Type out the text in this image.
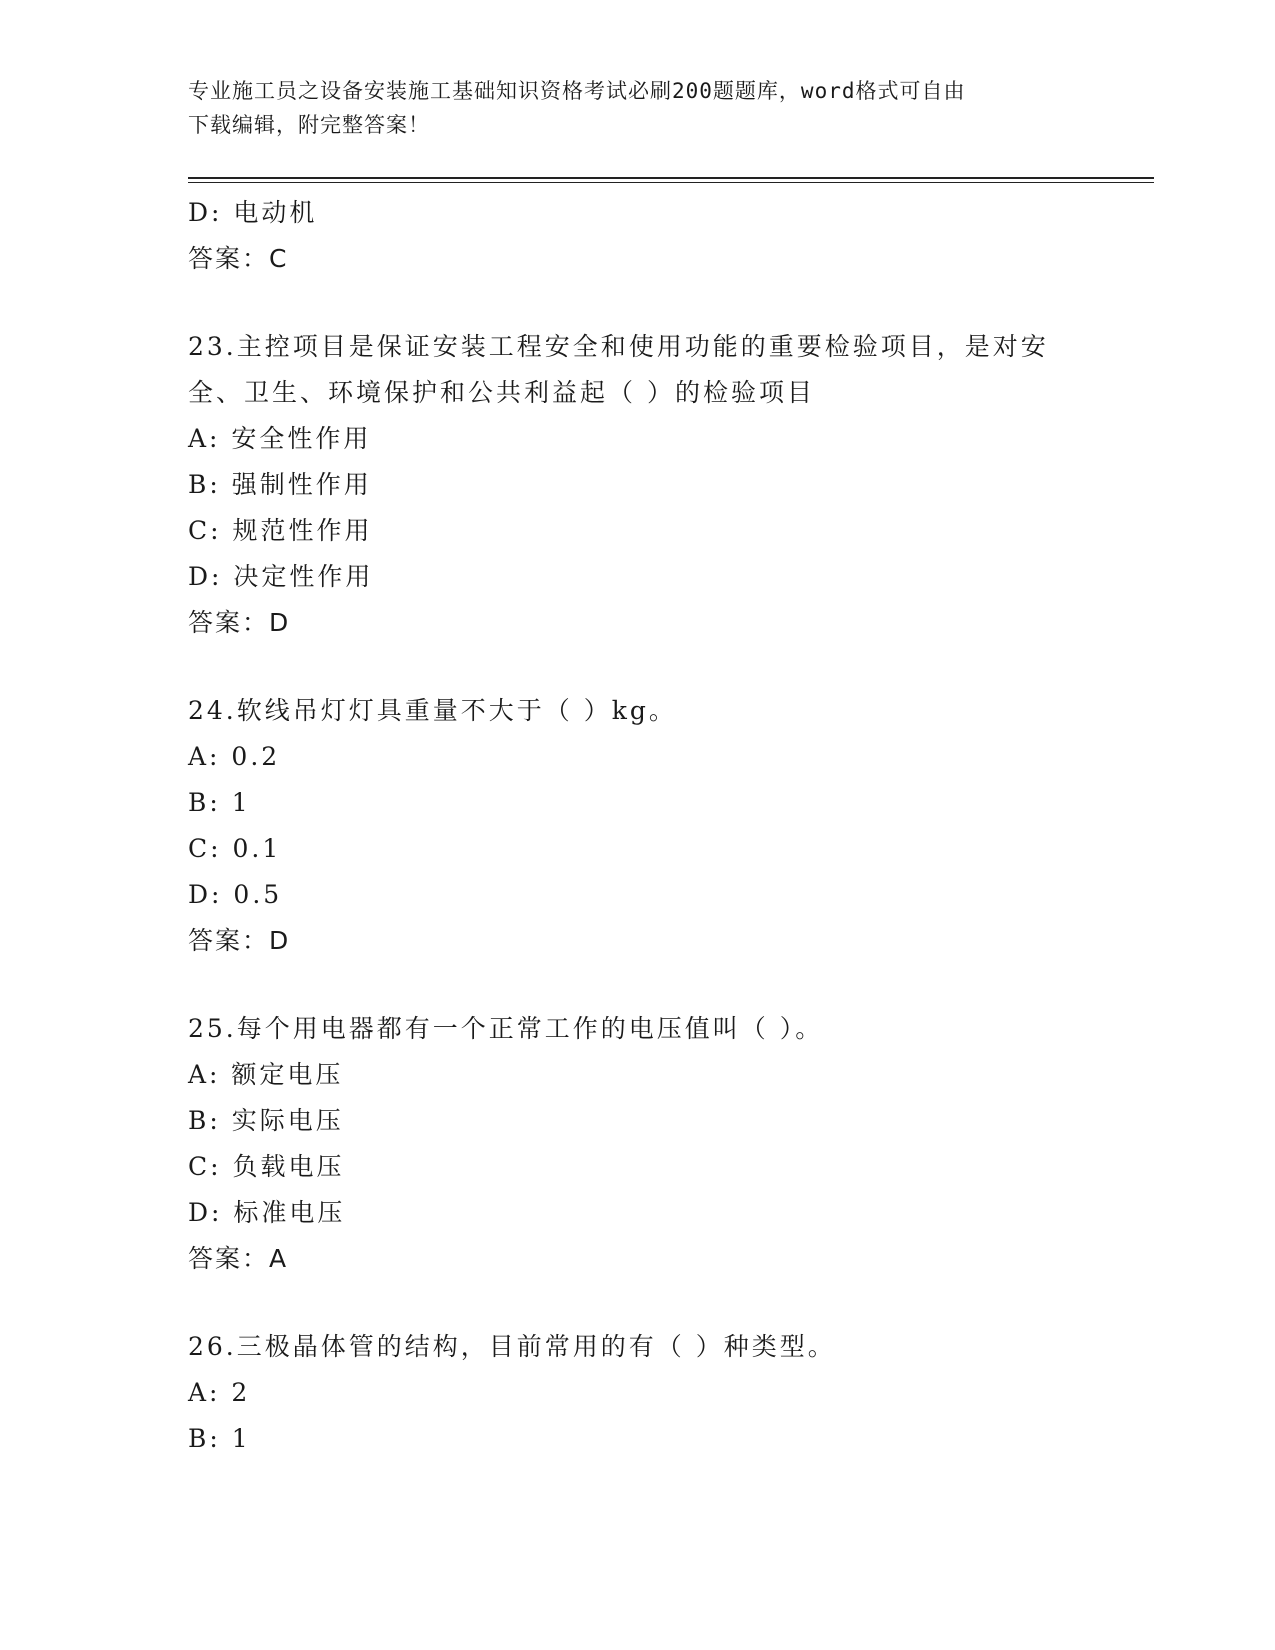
专业施工员之设备安装施工基础知识资格考试必刷200题题库，word格式可自由
下载编辑，附完整答案！
D: 电动机
答案：C
23.主控项目是保证安装工程安全和使用功能的重要检验项目，是对安
全、卫生、环境保护和公共利益起（ ）的检验项目
A: 安全性作用
B: 强制性作用
C: 规范性作用
D: 决定性作用
答案：D
24.软线吊灯灯具重量不大于（ ）kg。
A: 0.2
B: 1
C: 0.1
D: 0.5
答案：D
25.每个用电器都有一个正常工作的电压值叫（ ）。
A: 额定电压
B: 实际电压
C: 负载电压
D: 标准电压
答案：A
26.三极晶体管的结构，目前常用的有（ ）种类型。
A: 2
B: 1
